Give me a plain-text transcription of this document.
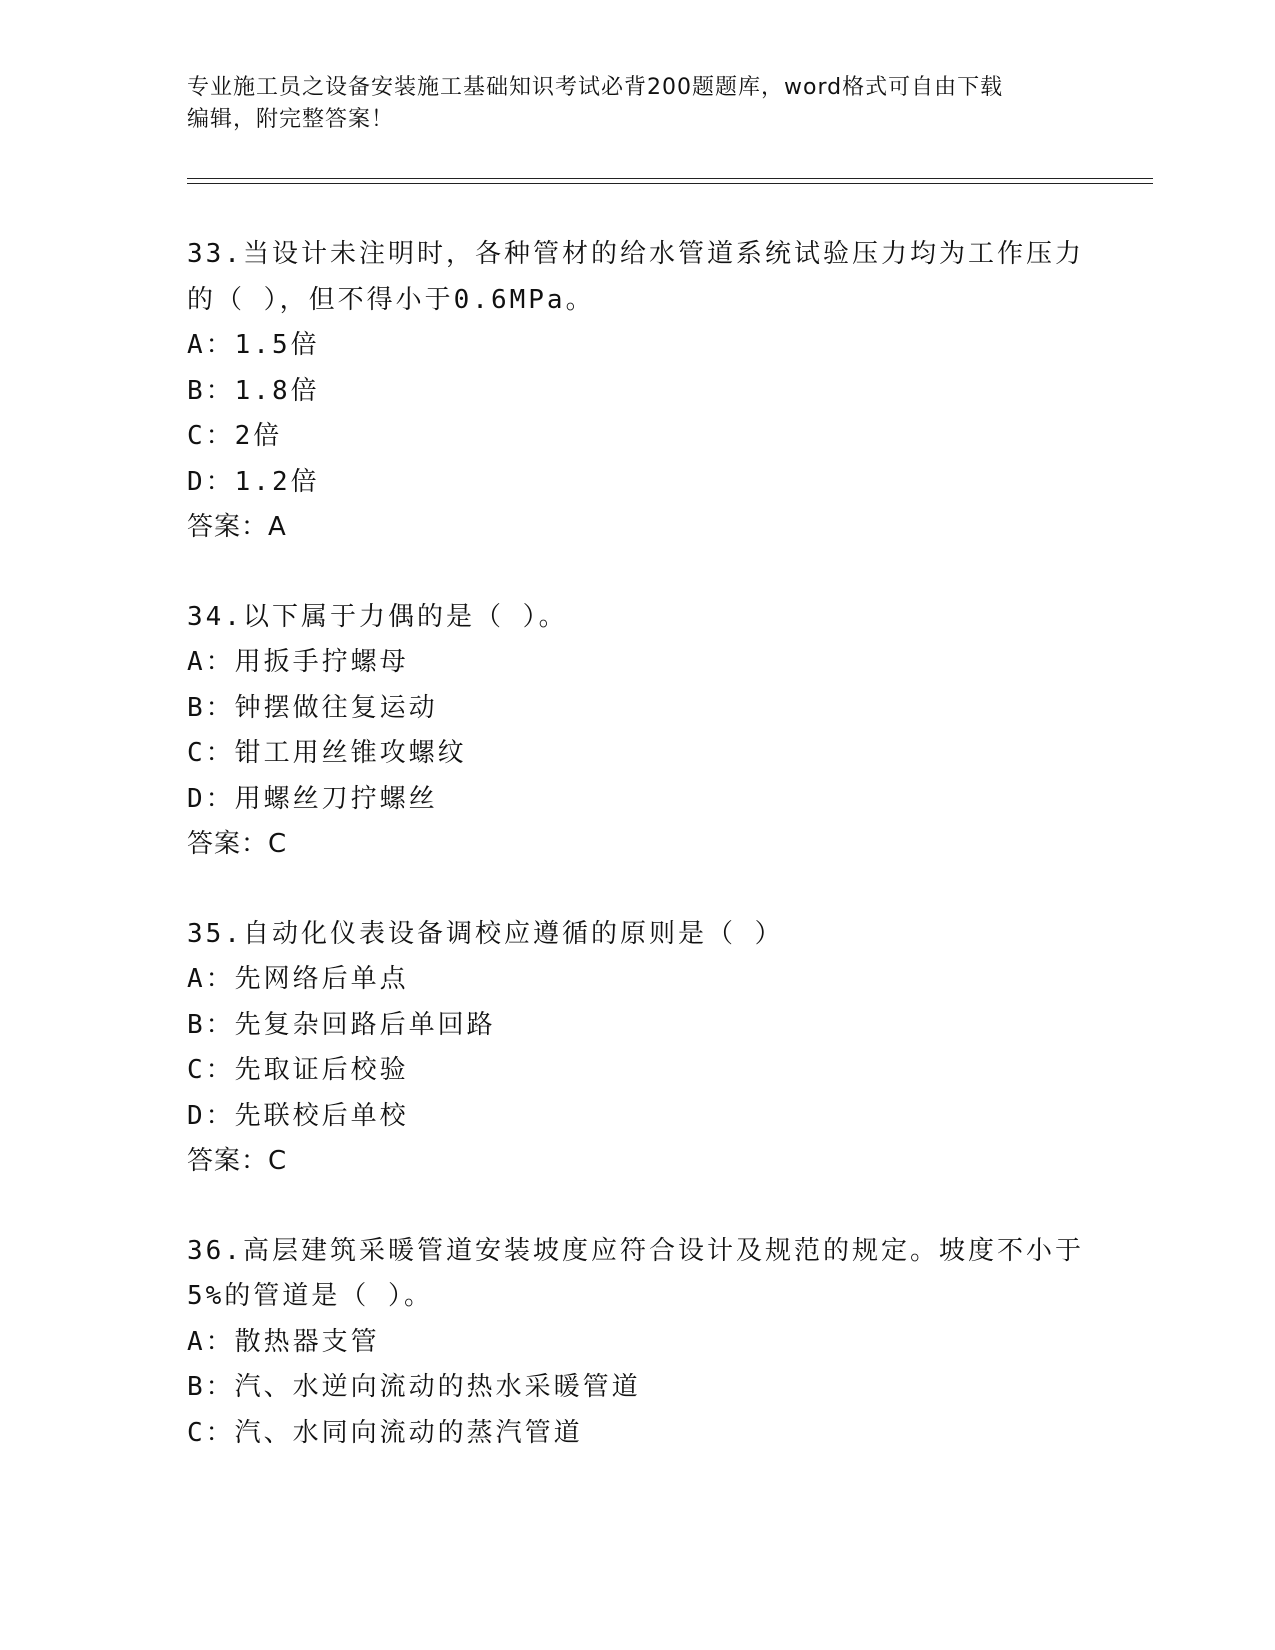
专业施工员之设备安装施工基础知识考试必背200题题库，word格式可自由下载
编辑，附完整答案！
33.当设计未注明时，各种管材的给水管道系统试验压力均为工作压力
的（ ），但不得小于0.6MPa。
A：1.5倍
B：1.8倍
C：2倍
D：1.2倍
答案：A
34.以下属于力偶的是（ ）。
A：用扳手拧螺母
B：钟摆做往复运动
C：钳工用丝锥攻螺纹
D：用螺丝刀拧螺丝
答案：C
35.自动化仪表设备调校应遵循的原则是（ ）
A：先网络后单点
B：先复杂回路后单回路
C：先取证后校验
D：先联校后单校
答案：C
36.高层建筑采暖管道安装坡度应符合设计及规范的规定。坡度不小于
5%的管道是（ ）。
A：散热器支管
B：汽、水逆向流动的热水采暖管道
C：汽、水同向流动的蒸汽管道
